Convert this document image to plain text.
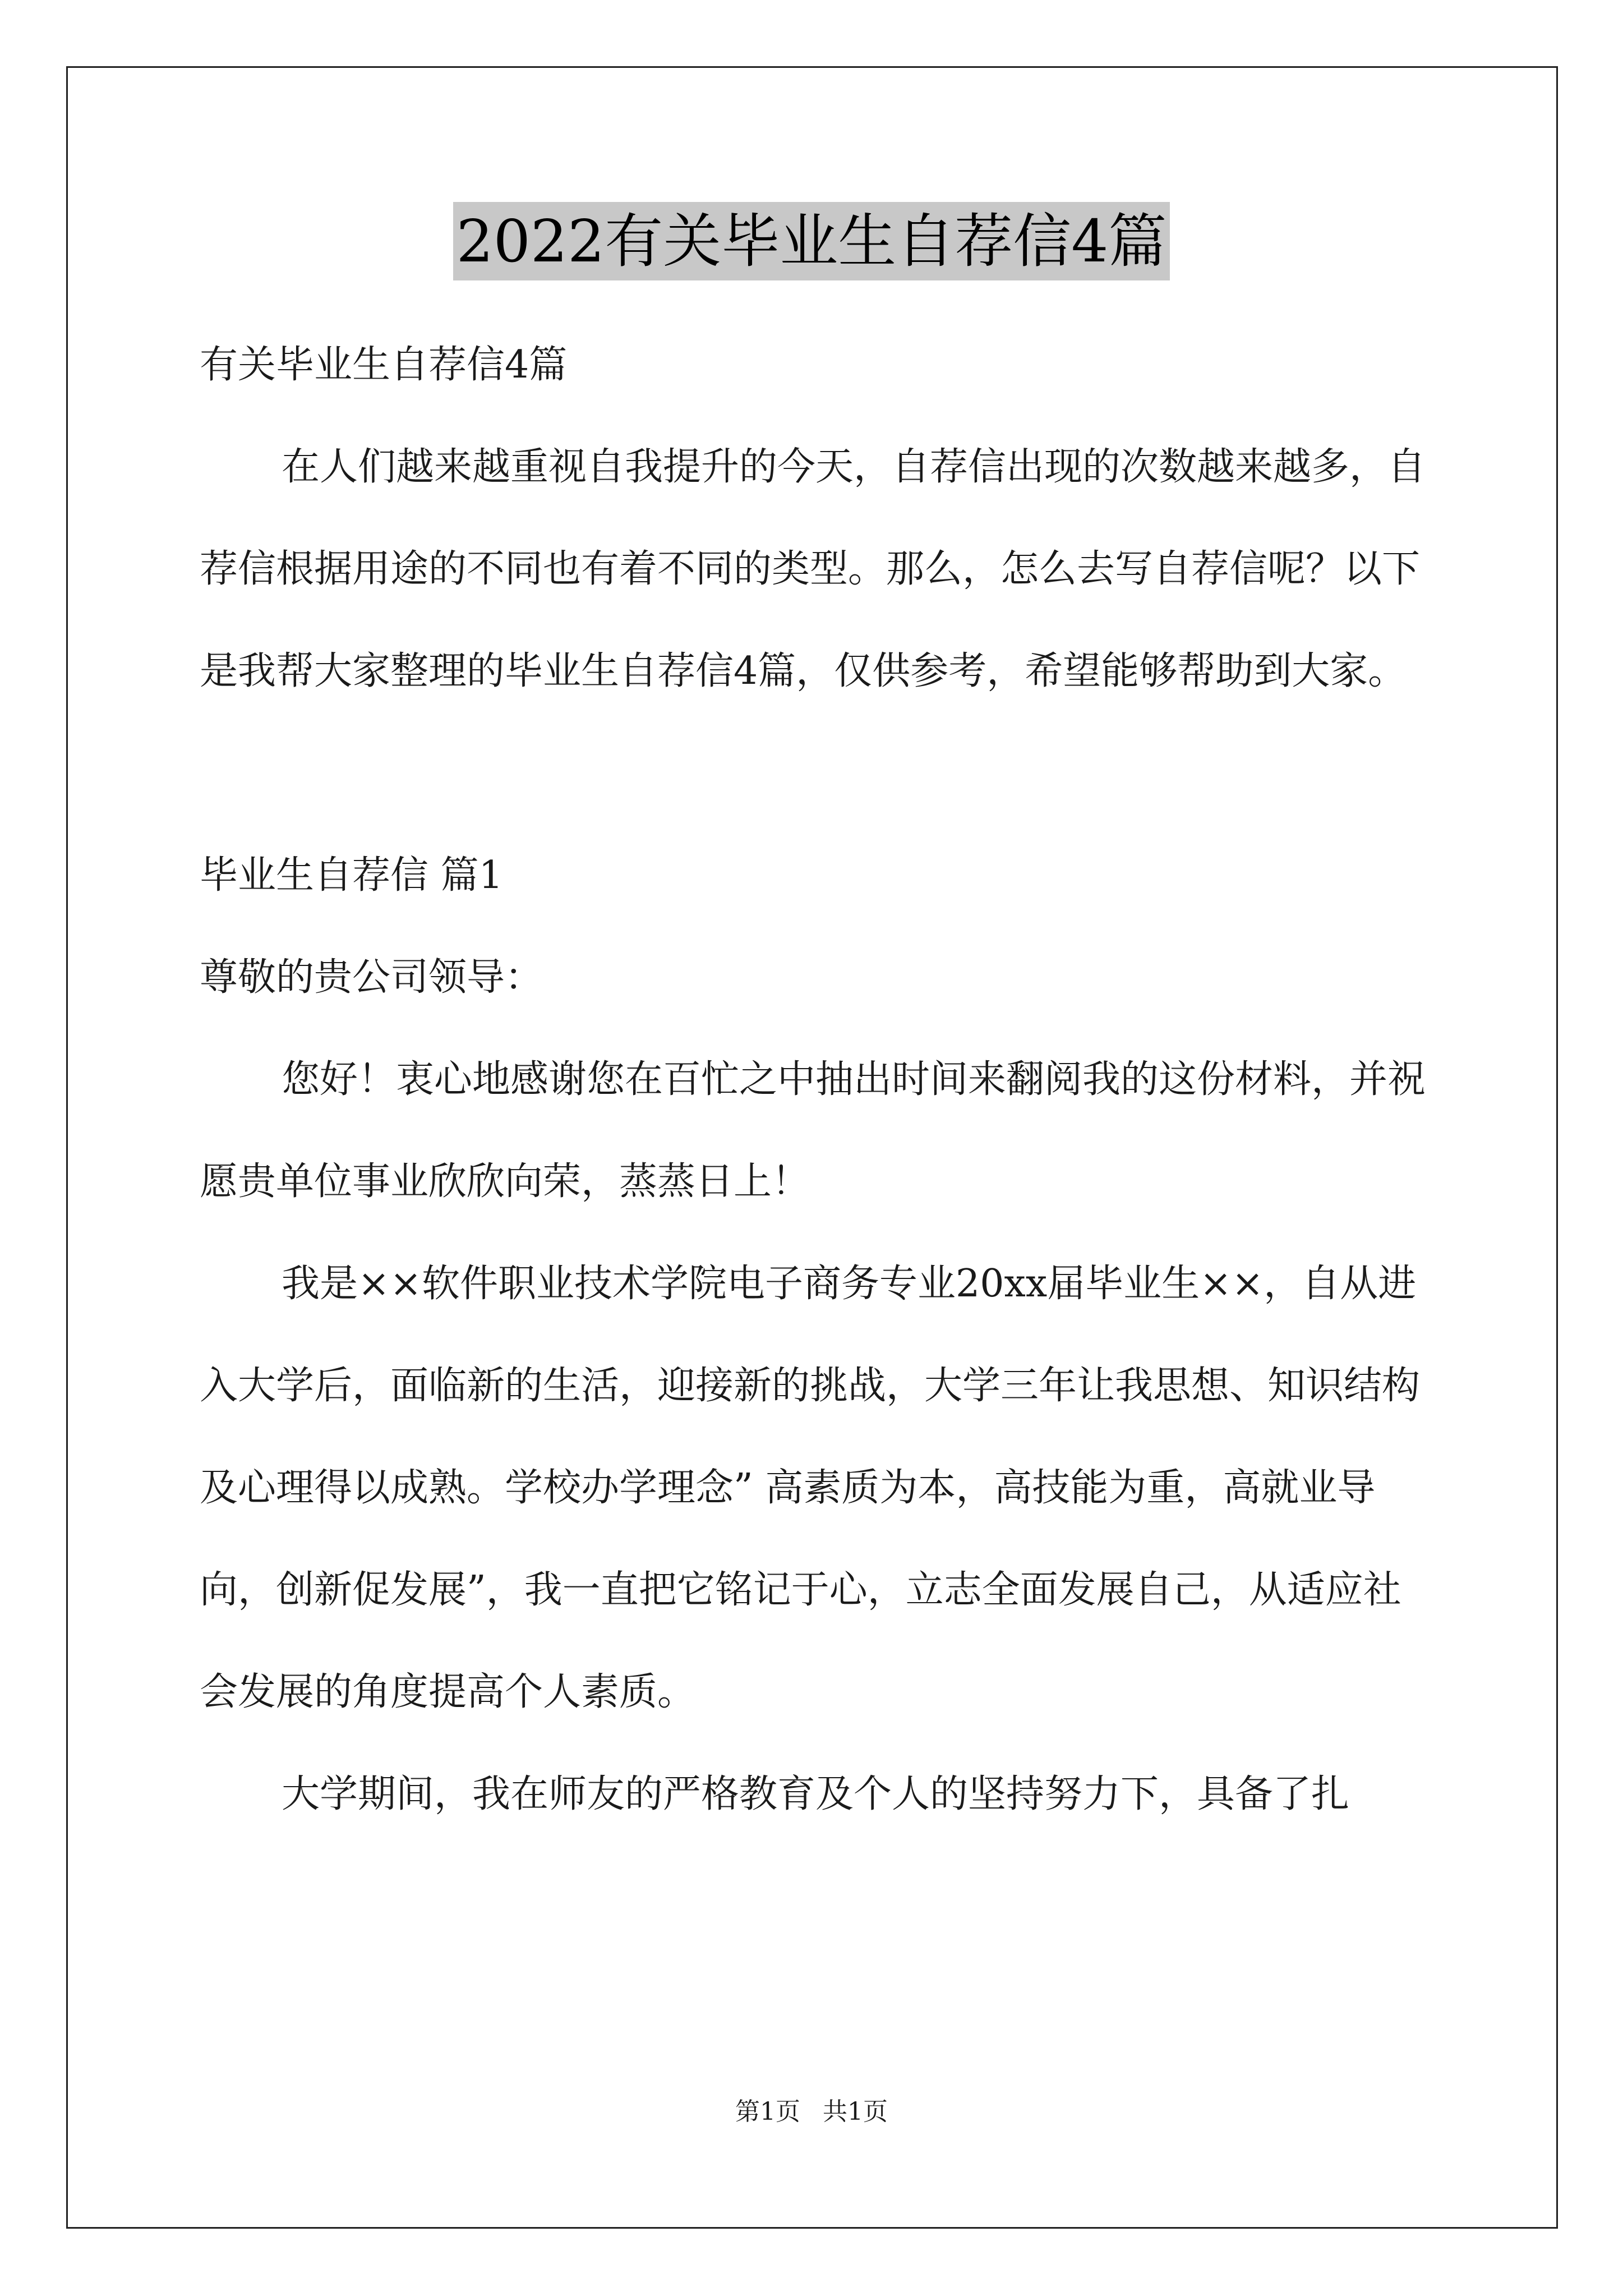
2022有关毕业生自荐信4篇

有关毕业生自荐信4篇

在人们越来越重视自我提升的今天，自荐信出现的次数越来越多，自荐信根据用途的不同也有着不同的类型。那么，怎么去写自荐信呢？以下是我帮大家整理的毕业生自荐信4篇，仅供参考，希望能够帮助到大家。

毕业生自荐信 篇1

尊敬的贵公司领导：

您好！衷心地感谢您在百忙之中抽出时间来翻阅我的这份材料，并祝愿贵单位事业欣欣向荣，蒸蒸日上！

我是××软件职业技术学院电子商务专业20xx届毕业生××，自从进入大学后，面临新的生活，迎接新的挑战，大学三年让我思想、知识结构及心理得以成熟。学校办学理念” 高素质为本，高技能为重，高就业导向，创新促发展”，我一直把它铭记于心，立志全面发展自己，从适应社会发展的角度提高个人素质。

大学期间，我在师友的严格教育及个人的坚持努力下，具备了扎

第1页 共1页
